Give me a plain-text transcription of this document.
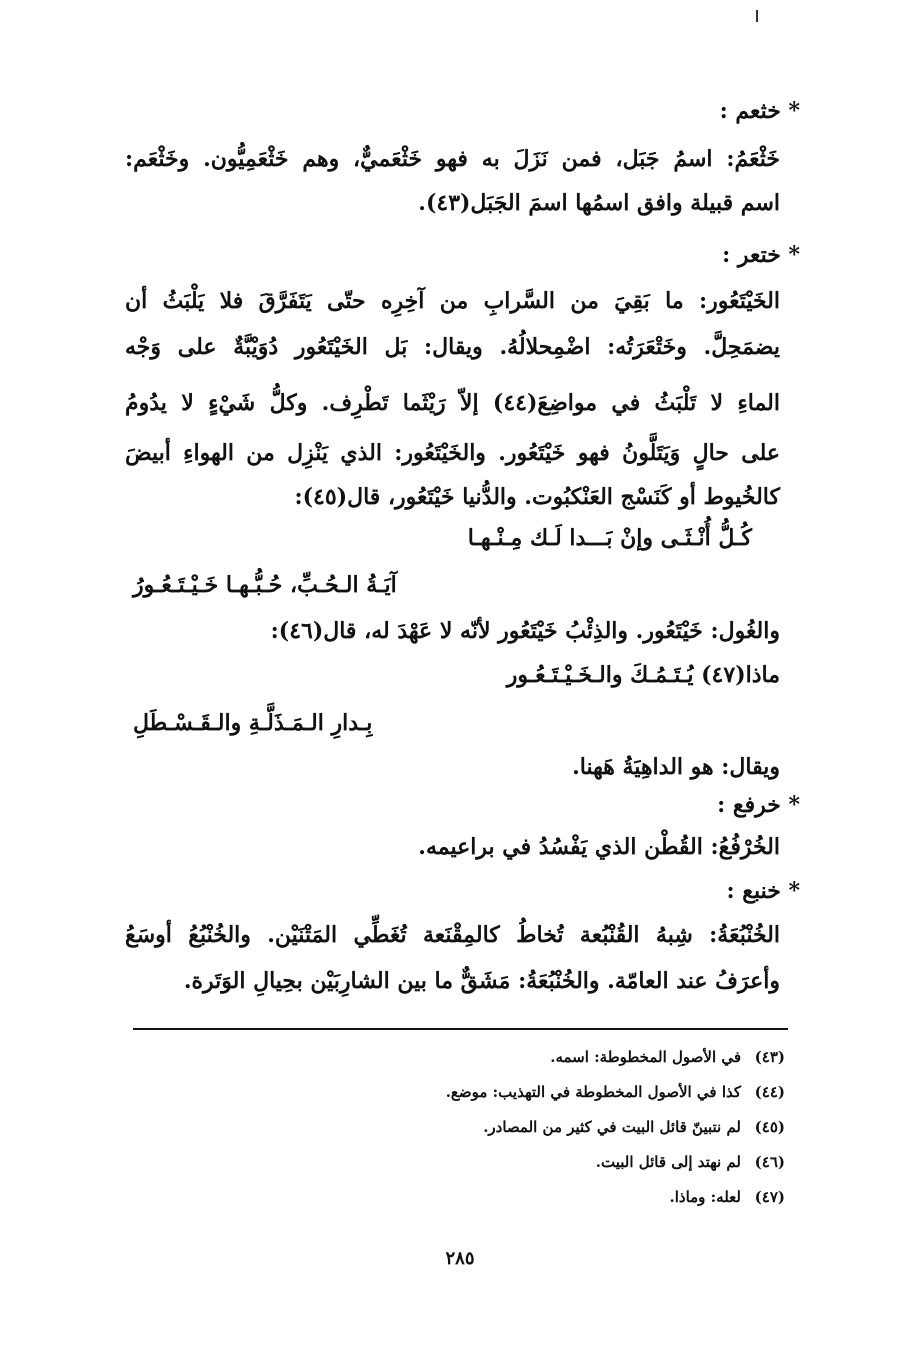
* خثعم :
خَثْعَمُ: اسمُ جَبَل، فمن نَزَلَ به فهو خَثْعَميٌّ، وهم خَثْعَمِيُّون. وخَثْعَم:
اسم قبيلة وافق اسمُها اسمَ الجَبَل(٤٣).
* ختعر :
الخَيْتَعُور: ما بَقِيَ من السَّرابِ من آخِرِه حتّى يَتَفَرَّقَ فلا يَلْبَثُ أن
يضمَحِلَّ. وخَتْعَرَتُه: اضْمِحلالُهُ. ويقال: بَل الخَيْتَعُور دُوَيْبَّةٌ على وَجْه
الماءِ لا تَلْبَثُ في مواضِعَ(٤٤) إلاّ رَيْثَما تَطْرِف. وكلُّ شَيْءٍ لا يدُومُ
على حالٍ وَيَتَلَّونُ فهو خَيْتَعُور. والخَيْتَعُور: الذي يَنْزِل من الهواءِ أبيضَ
كالخُيوط أو كَنَسْج العَنْكبُوت. والدُّنيا خَيْتَعُور، قال(٤٥):
كُـلُّ أُنْـثَـى وإنْ بَـــدا لَـك مِـنْـهـا
آيَـةُ الـحُـبِّ، حُـبُّـهـا خَـيْـتَـعُـورُ
والغُول: خَيْتَعُور. والذِئْبُ خَيْتَعُور لأنّه لا عَهْدَ له، قال(٤٦):
ماذا(٤٧) يُـتَـمُـكَ والـخَـيْـتَـعُـور
بِـدارِ الـمَـذَلَّـةِ والـقَـسْـطَلِ
ويقال: هو الداهِيَةُ هَهنا.
* خرفع :
الخُرْفُعُ: القُطْن الذي يَفْسُدُ في براعيمه.
* خنبع :
الخُنْبُعَةُ: شِبهُ القُنْبُعة تُخاطُ كالمِقْنَعة تُغَطِّي المَتْنَيْن. والخُنْبُعُ أوسَعُ
وأعرَفُ عند العامّة. والخُنْبُعَةُ: مَشَقٌّ ما بين الشارِبَيْن بحِيالِ الوَتَرة.
(٤٣)في الأصول المخطوطة: اسمه.
(٤٤)كذا في الأصول المخطوطة في التهذيب: موضع.
(٤٥)لم نتبينّ قائل البيت في كثير من المصادر.
(٤٦)لم نهتد إلى قائل البيت.
(٤٧)لعله: وماذا.
٢٨٥
